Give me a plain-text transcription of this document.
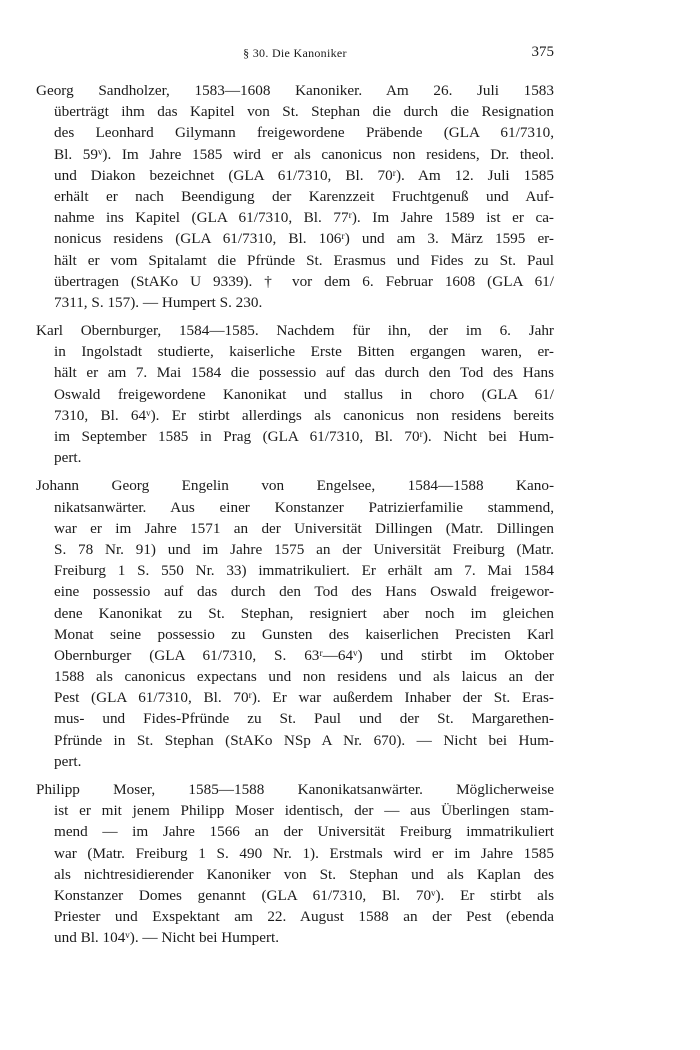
§ 30. Die Kanoniker	375
Georg Sandholzer, 1583—1608 Kanoniker. Am 26. Juli 1583
überträgt ihm das Kapitel von St. Stephan die durch die Resignation
des Leonhard Gilymann freigewordene Präbende (GLA 61/7310,
Bl. 59ᵛ). Im Jahre 1585 wird er als canonicus non residens, Dr. theol.
und Diakon bezeichnet (GLA 61/7310, Bl. 70ʳ). Am 12. Juli 1585
erhält er nach Beendigung der Karenzzeit Fruchtgenuß und Auf-
nahme ins Kapitel (GLA 61/7310, Bl. 77ʳ). Im Jahre 1589 ist er ca-
nonicus residens (GLA 61/7310, Bl. 106ʳ) und am 3. März 1595 er-
hält er vom Spitalamt die Pfründe St. Erasmus und Fides zu St. Paul
übertragen (StAKo U 9339). † vor dem 6. Februar 1608 (GLA 61/
7311, S. 157). — Humpert S. 230.
Karl Obernburger, 1584—1585. Nachdem für ihn, der im 6. Jahr
in Ingolstadt studierte, kaiserliche Erste Bitten ergangen waren, er-
hält er am 7. Mai 1584 die possessio auf das durch den Tod des Hans
Oswald freigewordene Kanonikat und stallus in choro (GLA 61/
7310, Bl. 64ᵛ). Er stirbt allerdings als canonicus non residens bereits
im September 1585 in Prag (GLA 61/7310, Bl. 70ʳ). Nicht bei Hum-
pert.
Johann Georg Engelin von Engelsee, 1584—1588 Kano-
nikatsanwärter. Aus einer Konstanzer Patrizierfamilie stammend,
war er im Jahre 1571 an der Universität Dillingen (Matr. Dillingen
S. 78 Nr. 91) und im Jahre 1575 an der Universität Freiburg (Matr.
Freiburg 1 S. 550 Nr. 33) immatrikuliert. Er erhält am 7. Mai 1584
eine possessio auf das durch den Tod des Hans Oswald freigewor-
dene Kanonikat zu St. Stephan, resigniert aber noch im gleichen
Monat seine possessio zu Gunsten des kaiserlichen Precisten Karl
Obernburger (GLA 61/7310, S. 63ʳ—64ᵛ) und stirbt im Oktober
1588 als canonicus expectans und non residens und als laicus an der
Pest (GLA 61/7310, Bl. 70ʳ). Er war außerdem Inhaber der St. Eras-
mus- und Fides-Pfründe zu St. Paul und der St. Margarethen-
Pfründe in St. Stephan (StAKo NSp A Nr. 670). — Nicht bei Hum-
pert.
Philipp Moser, 1585—1588 Kanonikatsanwärter. Möglicherweise
ist er mit jenem Philipp Moser identisch, der — aus Überlingen stam-
mend — im Jahre 1566 an der Universität Freiburg immatrikuliert
war (Matr. Freiburg 1 S. 490 Nr. 1). Erstmals wird er im Jahre 1585
als nichtresidierender Kanoniker von St. Stephan und als Kaplan des
Konstanzer Domes genannt (GLA 61/7310, Bl. 70ᵛ). Er stirbt als
Priester und Exspektant am 22. August 1588 an der Pest (ebenda
und Bl. 104ᵛ). — Nicht bei Humpert.
